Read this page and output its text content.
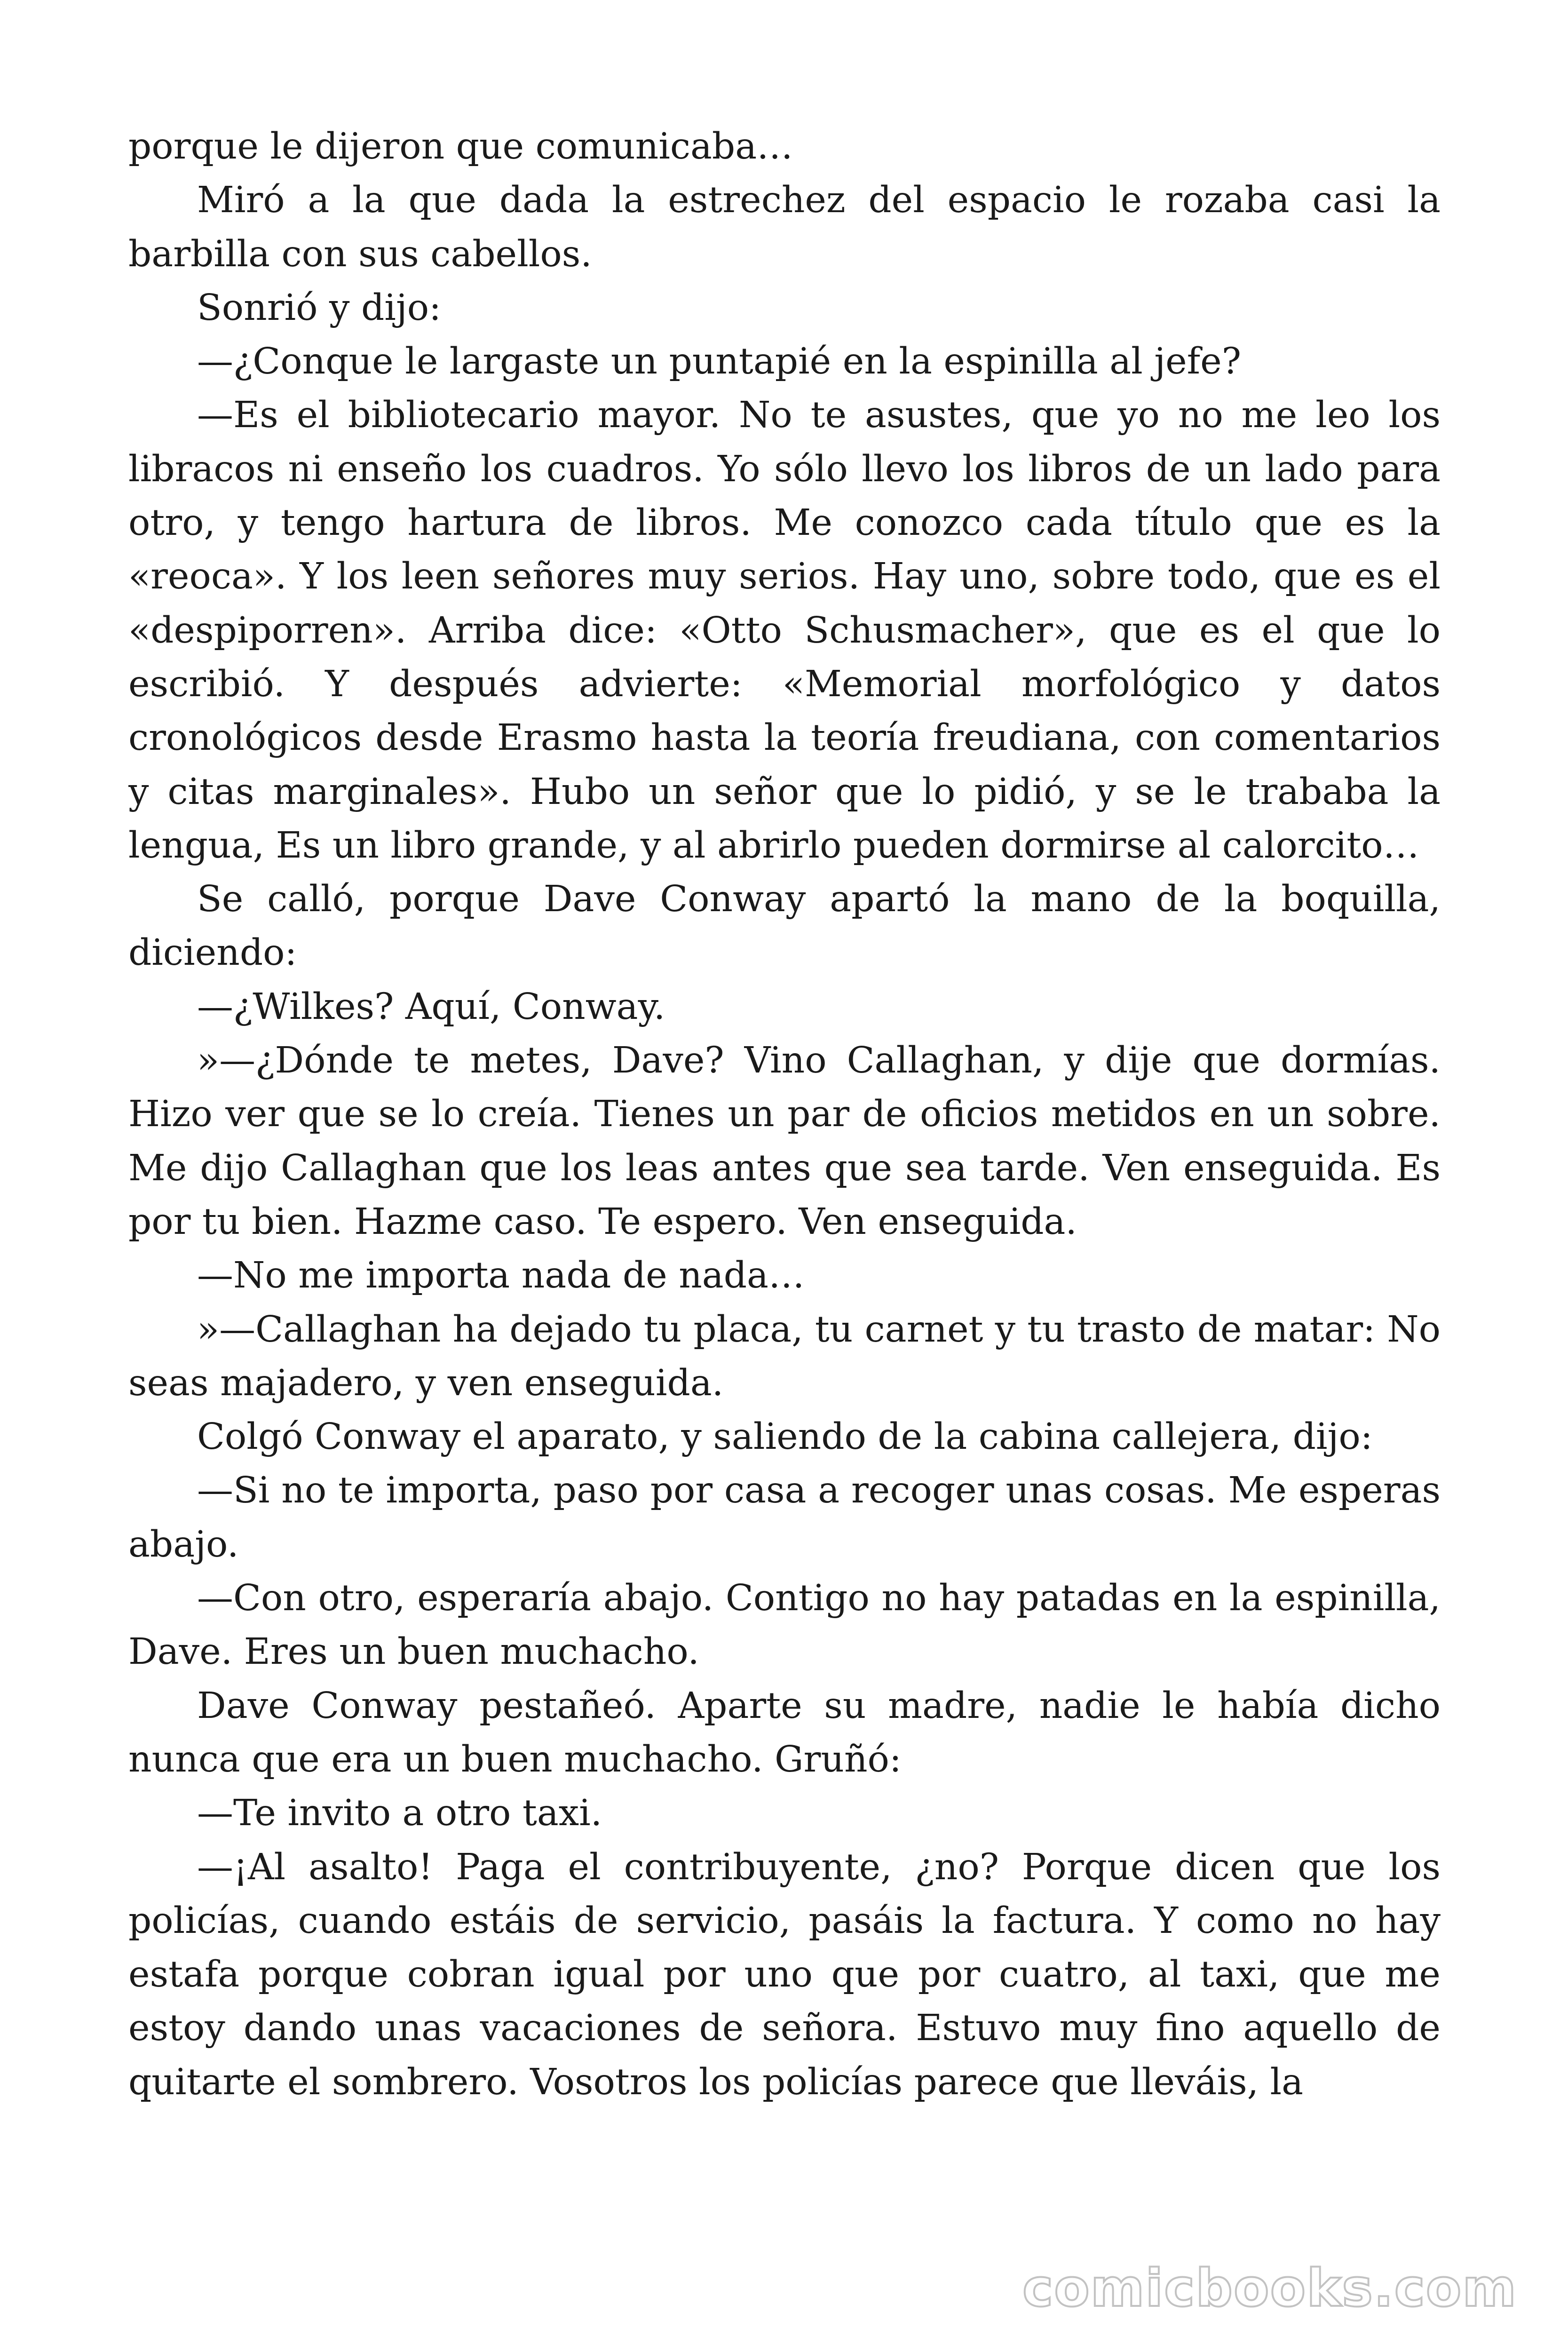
porque le dijeron que comunicaba…

Miró a la que dada la estrechez del espacio le rozaba casi la barbilla con sus cabellos.

Sonrió y dijo:

—¿Conque le largaste un puntapié en la espinilla al jefe?

—Es el bibliotecario mayor. No te asustes, que yo no me leo los libracos ni enseño los cuadros. Yo sólo llevo los libros de un lado para otro, y tengo hartura de libros. Me conozco cada título que es la «reoca». Y los leen señores muy serios. Hay uno, sobre todo, que es el «despiporren». Arriba dice: «Otto Schusmacher», que es el que lo escribió. Y después advierte: «Memorial morfológico y datos cronológicos desde Erasmo hasta la teoría freudiana, con comentarios y citas marginales». Hubo un señor que lo pidió, y se le trababa la lengua, Es un libro grande, y al abrirlo pueden dormirse al calorcito…

Se calló, porque Dave Conway apartó la mano de la boquilla, diciendo:

—¿Wilkes? Aquí, Conway.

»—¿Dónde te metes, Dave? Vino Callaghan, y dije que dormías. Hizo ver que se lo creía. Tienes un par de oficios metidos en un sobre. Me dijo Callaghan que los leas antes que sea tarde. Ven enseguida. Es por tu bien. Hazme caso. Te espero. Ven enseguida.

—No me importa nada de nada…

»—Callaghan ha dejado tu placa, tu carnet y tu trasto de matar: No seas majadero, y ven enseguida.

Colgó Conway el aparato, y saliendo de la cabina callejera, dijo:

—Si no te importa, paso por casa a recoger unas cosas. Me esperas abajo.

—Con otro, esperaría abajo. Contigo no hay patadas en la espinilla, Dave. Eres un buen muchacho.

Dave Conway pestañeó. Aparte su madre, nadie le había dicho nunca que era un buen muchacho. Gruñó:

—Te invito a otro taxi.

—¡Al asalto! Paga el contribuyente, ¿no? Porque dicen que los policías, cuando estáis de servicio, pasáis la factura. Y como no hay estafa porque cobran igual por uno que por cuatro, al taxi, que me estoy dando unas vacaciones de señora. Estuvo muy fino aquello de quitarte el sombrero. Vosotros los policías parece que lleváis, la

comicbooks.com
